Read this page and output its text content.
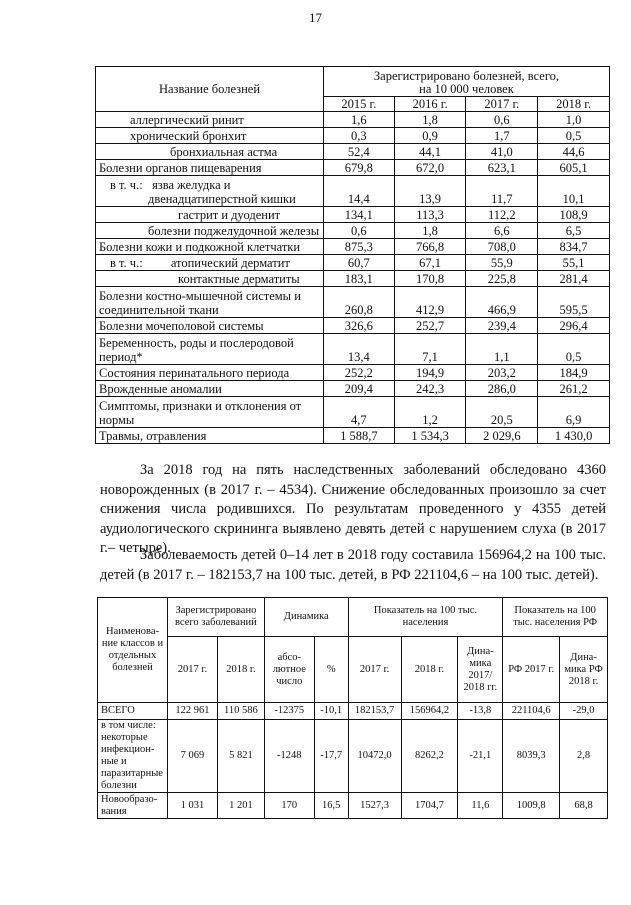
17
Название болезней	Зарегистрировано болезней, всего,
на 10 000 человек			
	2015 г.	2016 г.	2017 г.	2018 г.
аллергический ринит	1,6	1,8	0,6	1,0
хронический бронхит	0,3	0,9	1,7	0,5
бронхиальная астма	52,4	44,1	41,0	44,6
Болезни органов пищеварения	679,8	672,0	623,1	605,1
в т. ч.: язва желудка и
двенадцатиперстной кишки	14,4	13,9	11,7	10,1
гастрит и дуоденит	134,1	113,3	112,2	108,9
болезни поджелудочной железы	0,6	1,8	6,6	6,5
Болезни кожи и подкожной клетчатки	875,3	766,8	708,0	834,7
в т. ч.: атопический дерматит	60,7	67,1	55,9	55,1
контактные дерматиты	183,1	170,8	225,8	281,4
Болезни костно-мышечной системы и
соединительной ткани	260,8	412,9	466,9	595,5
Болезни мочеполовой системы	326,6	252,7	239,4	296,4
Беременность, роды и послеродовой
период*	13,4	7,1	1,1	0,5
Состояния перинатального периода	252,2	194,9	203,2	184,9
Врожденные аномалии	209,4	242,3	286,0	261,2
Симптомы, признаки и отклонения от
нормы	4,7	1,2	20,5	6,9
Травмы, отравления	1 588,7	1 534,3	2 029,6	1 430,0

За 2018 год на пять наследственных заболеваний обследовано 4360 новорожденных (в 2017 г. – 4534). Снижение обследованных произошло за счет снижения числа родившихся. По результатам проведенного у 4355 детей аудиологического скрининга выявлено девять детей с нарушением слуха (в 2017 г.– четыре).

Заболеваемость детей 0–14 лет в 2018 году составила 156964,2 на 100 тыс. детей (в 2017 г. – 182153,7 на 100 тыс. детей, в РФ 221104,6 – на 100 тыс. детей).

Наименова-ние классов и отдельных болезней	Зарегистрировано всего заболеваний		Динамика		Показатель на 100 тыс. населения			Показатель на 100 тыс. населения РФ	
	2017 г.	2018 г.	абсо-лютное число	%	2017 г.	2018 г.	Дина-мика 2017/ 2018 гг.	РФ 2017 г.	Дина-мика РФ 2018 г.
ВСЕГО	122 961	110 586	-12375	-10,1	182153,7	156964,2	-13,8	221104,6	-29,0
в том числе: некоторые инфекцион-ные и паразитарные болезни	7 069	5 821	-1248	-17,7	10472,0	8262,2	-21,1	8039,3	2,8
Новообразо-вания	1 031	1 201	170	16,5	1527,3	1704,7	11,6	1009,8	68,8
